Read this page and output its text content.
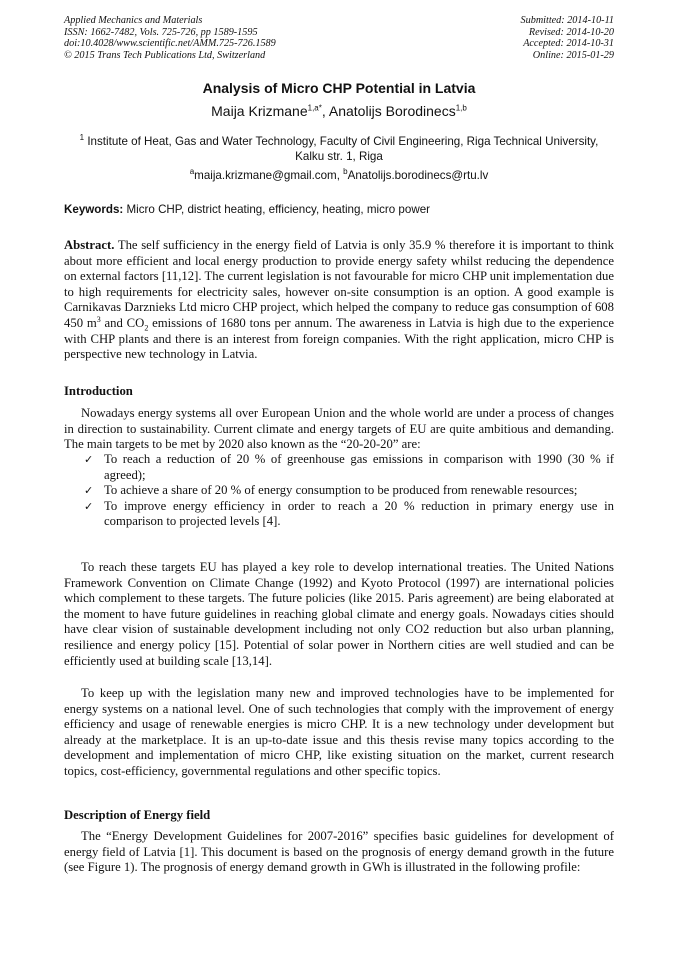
Applied Mechanics and Materials
ISSN: 1662-7482, Vols. 725-726, pp 1589-1595
doi:10.4028/www.scientific.net/AMM.725-726.1589
© 2015 Trans Tech Publications Ltd, Switzerland
Submitted: 2014-10-11
Revised: 2014-10-20
Accepted: 2014-10-31
Online: 2015-01-29
Analysis of Micro CHP Potential in Latvia
Maija Krizmane$^{1,a*}$, Anatolijs Borodinecs$^{1,b}$
$^1$ Institute of Heat, Gas and Water Technology, Faculty of Civil Engineering, Riga Technical University, Kalku str. 1, Riga
$^a$maija.krizmane@gmail.com, $^b$Anatolijs.borodinecs@rtu.lv
Keywords: Micro CHP, district heating, efficiency, heating, micro power
Abstract. The self sufficiency in the energy field of Latvia is only 35.9 % therefore it is important to think about more efficient and local energy production to provide energy safety whilst reducing the dependence on external factors [11,12]. The current legislation is not favourable for micro CHP unit implementation due to high requirements for electricity sales, however on-site consumption is an option. A good example is Carnikavas Darznieks Ltd micro CHP project, which helped the company to reduce gas consumption of 608 450 $m^3$ and $CO_2$ emissions of 1680 tons per annum. The awareness in Latvia is high due to the experience with CHP plants and there is an interest from foreign companies. With the right application, micro CHP is perspective new technology in Latvia.
Introduction
Nowadays energy systems all over European Union and the whole world are under a process of changes in direction to sustainability. Current climate and energy targets of EU are quite ambitious and demanding. The main targets to be met by 2020 also known as the “20-20-20” are:
✓ To reach a reduction of 20 % of greenhouse gas emissions in comparison with 1990 (30 % if agreed);
✓ To achieve a share of 20 % of energy consumption to be produced from renewable resources;
✓ To improve energy efficiency in order to reach a 20 % reduction in primary energy use in comparison to projected levels [4].
To reach these targets EU has played a key role to develop international treaties. The United Nations Framework Convention on Climate Change (1992) and Kyoto Protocol (1997) are international policies which complement to these targets. The future policies (like 2015. Paris agreement) are being elaborated at the moment to have future guidelines in reaching global climate and energy goals. Nowadays cities should have clear vision of sustainable development including not only CO2 reduction but also urban planning, resilience and energy policy [15]. Potential of solar power in Northern cities are well studied and can be efficiently used at building scale [13,14].
To keep up with the legislation many new and improved technologies have to be implemented for energy systems on a national level. One of such technologies that comply with the improvement of energy efficiency and usage of renewable energies is micro CHP. It is a new technology under development but already at the marketplace. It is an up-to-date issue and this thesis revise many topics according to the development and implementation of micro CHP, like existing situation on the market, current research topics, cost-efficiency, governmental regulations and other specific topics.
Description of Energy field
The “Energy Development Guidelines for 2007-2016” specifies basic guidelines for development of energy field of Latvia [1]. This document is based on the prognosis of energy demand growth in the future (see Figure 1). The prognosis of energy demand growth in GWh is illustrated in the following profile:
